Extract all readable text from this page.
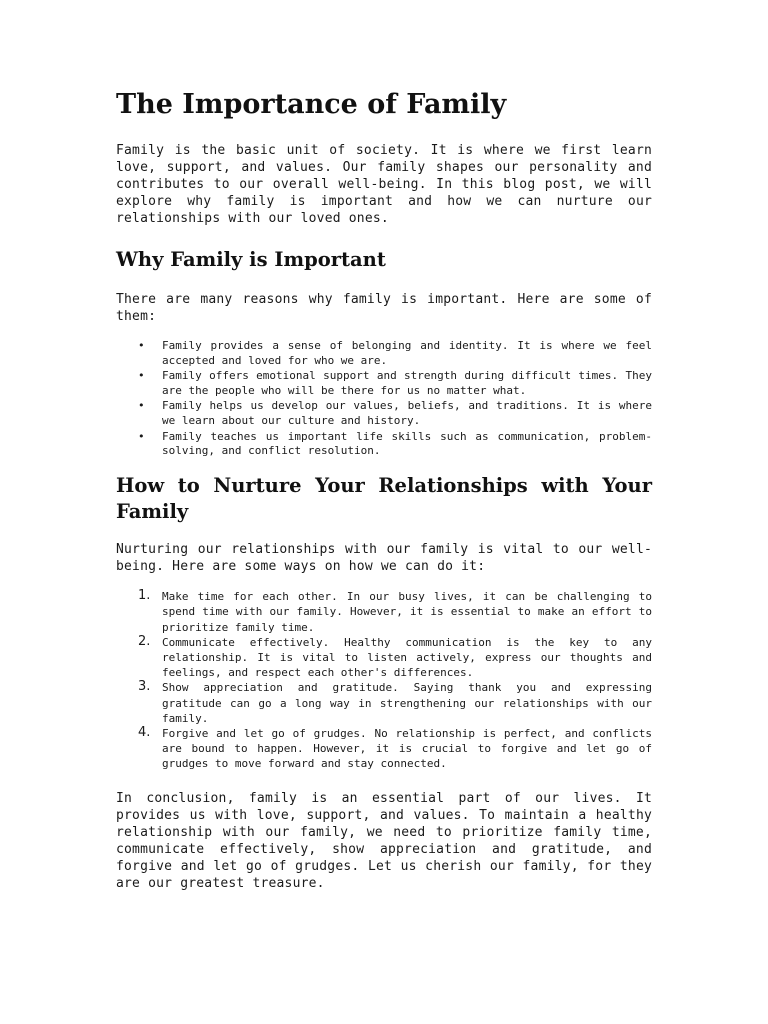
The Importance of Family

Family is the basic unit of society. It is where we first learn love, support, and values. Our family shapes our personality and contributes to our overall well-being. In this blog post, we will explore why family is important and how we can nurture our relationships with our loved ones.

Why Family is Important

There are many reasons why family is important. Here are some of them:

• Family provides a sense of belonging and identity. It is where we feel accepted and loved for who we are.
• Family offers emotional support and strength during difficult times. They are the people who will be there for us no matter what.
• Family helps us develop our values, beliefs, and traditions. It is where we learn about our culture and history.
• Family teaches us important life skills such as communication, problem-solving, and conflict resolution.
How to Nurture Your Relationships with Your Family

Nurturing our relationships with our family is vital to our well-being. Here are some ways on how we can do it:

1. Make time for each other. In our busy lives, it can be challenging to spend time with our family. However, it is essential to make an effort to prioritize family time.
2. Communicate effectively. Healthy communication is the key to any relationship. It is vital to listen actively, express our thoughts and feelings, and respect each other's differences.
3. Show appreciation and gratitude. Saying thank you and expressing gratitude can go a long way in strengthening our relationships with our family.
4. Forgive and let go of grudges. No relationship is perfect, and conflicts are bound to happen. However, it is crucial to forgive and let go of grudges to move forward and stay connected.

In conclusion, family is an essential part of our lives. It provides us with love, support, and values. To maintain a healthy relationship with our family, we need to prioritize family time, communicate effectively, show appreciation and gratitude, and forgive and let go of grudges. Let us cherish our family, for they are our greatest treasure.
